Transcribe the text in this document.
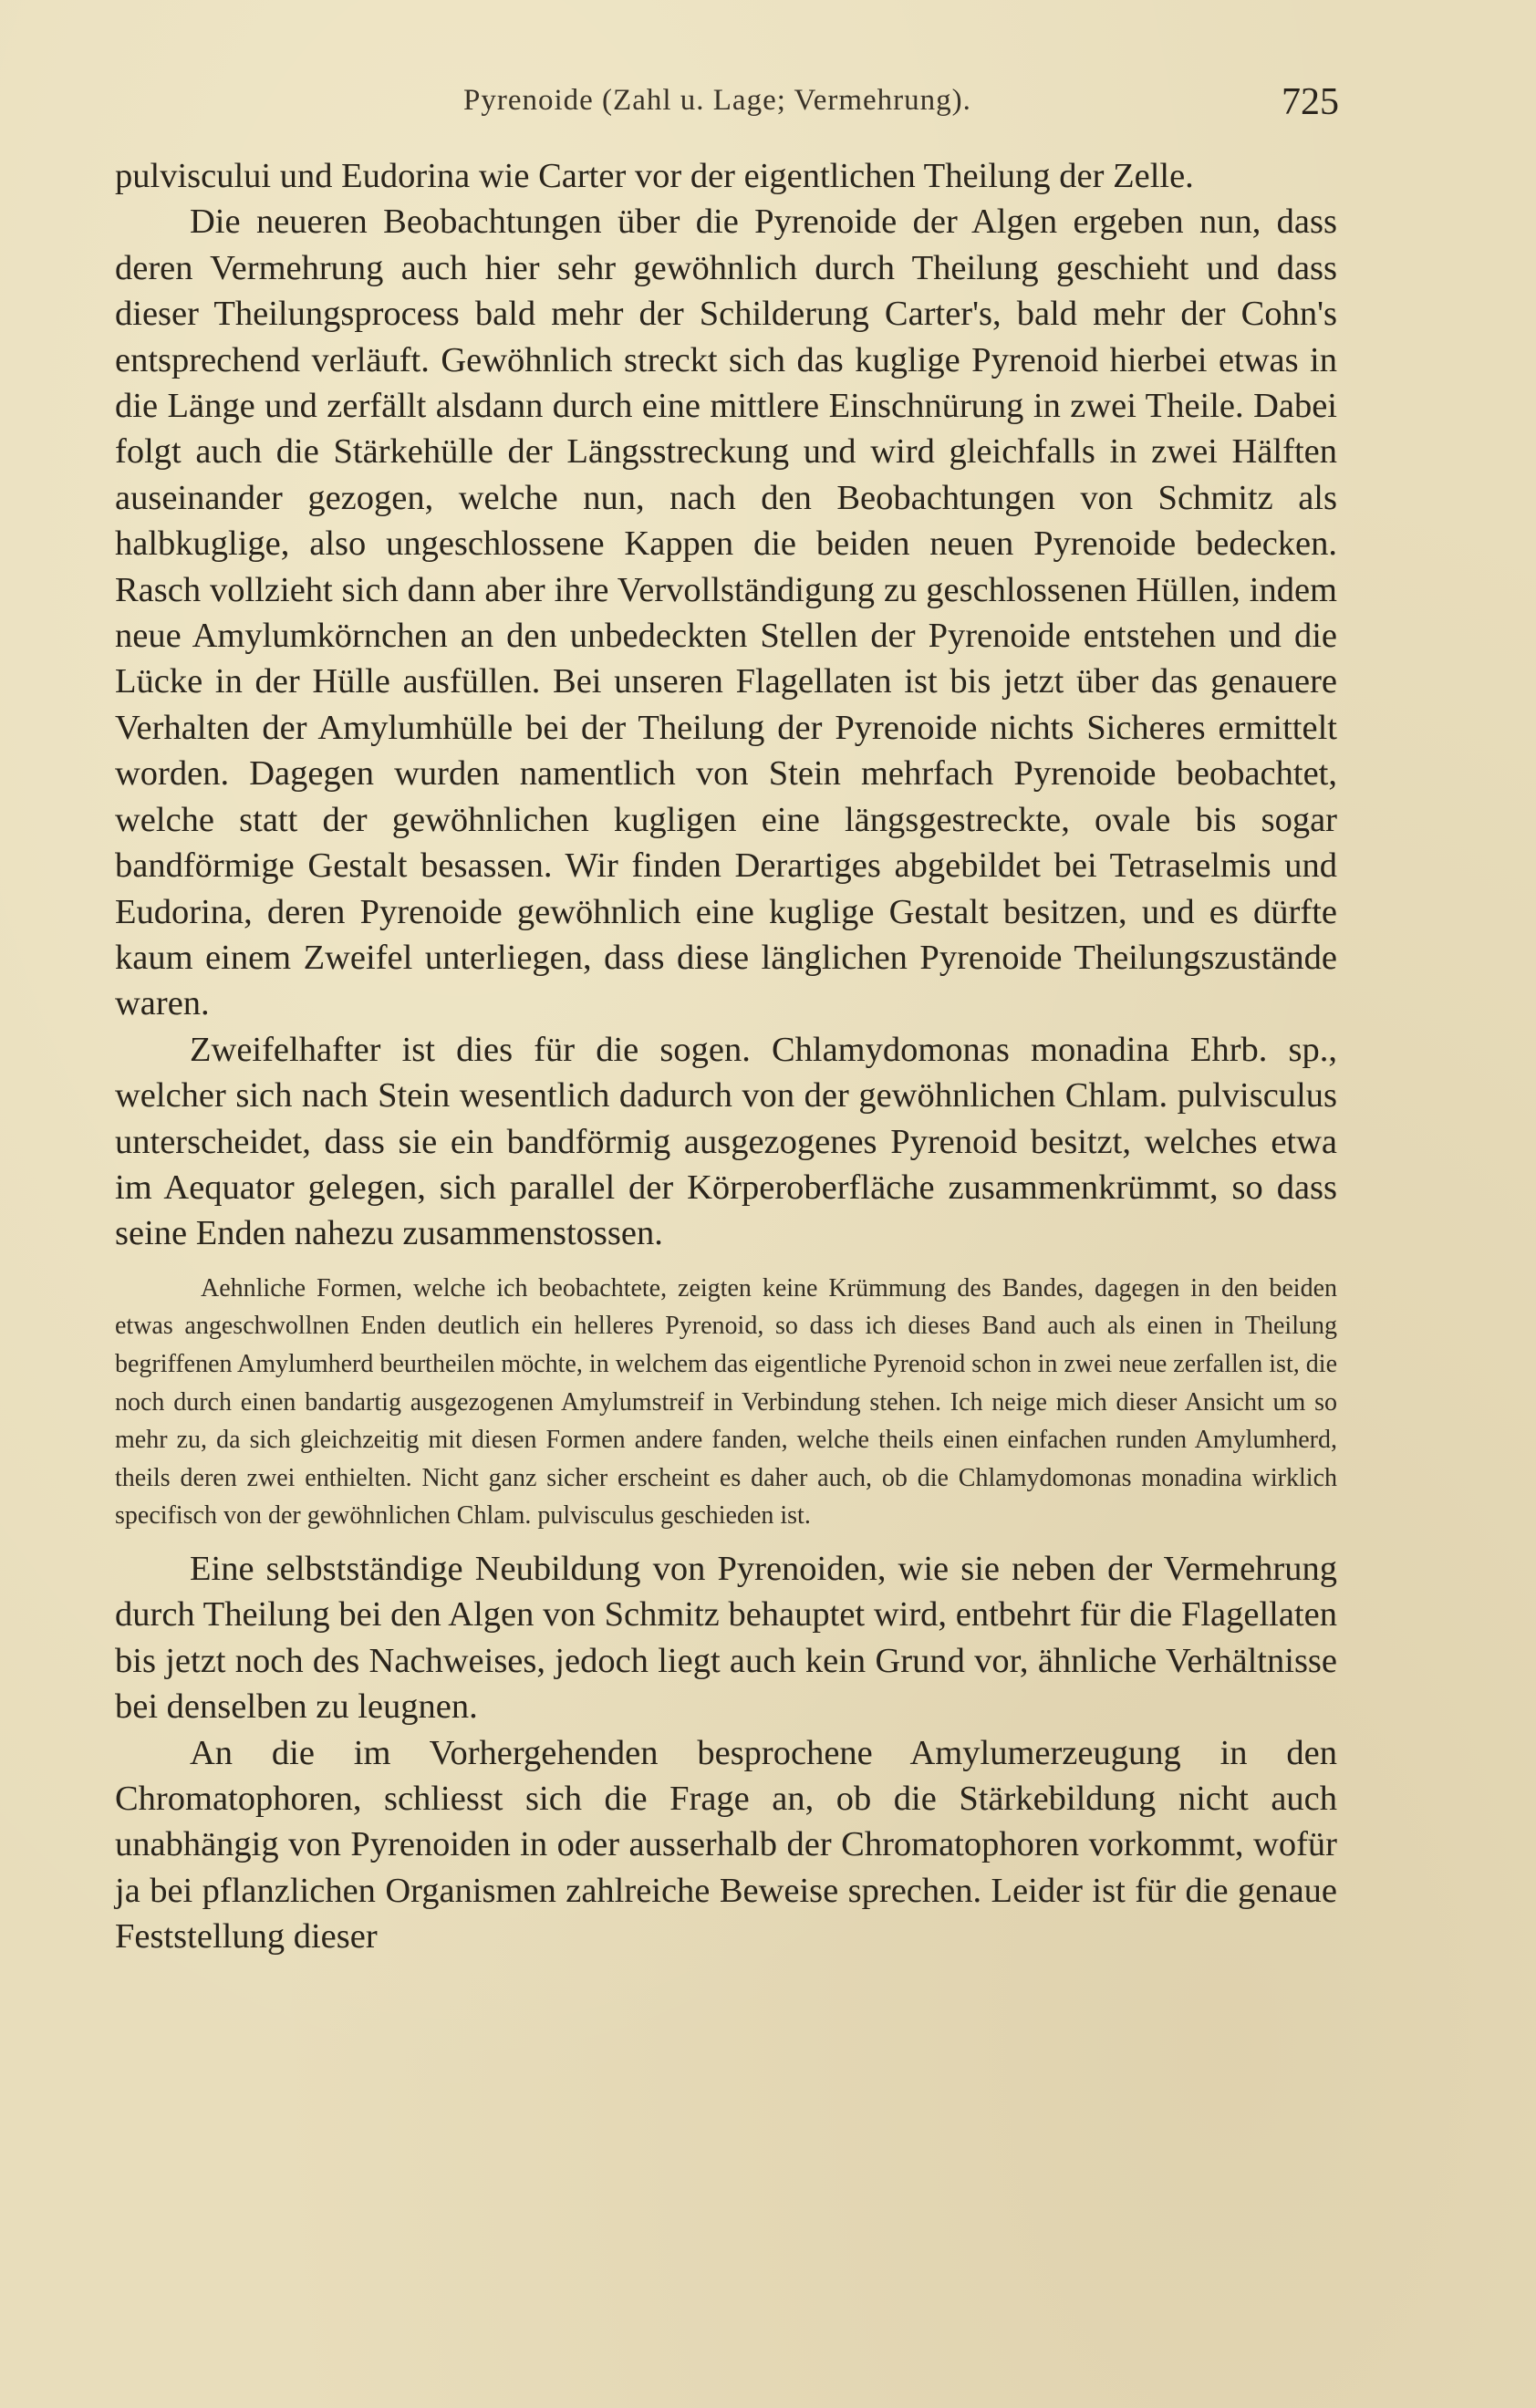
Pyrenoide (Zahl u. Lage; Vermehrung).	725

pulviscului und Eudorina wie Carter vor der eigentlichen Theilung der Zelle.

Die neueren Beobachtungen über die Pyrenoide der Algen ergeben nun, dass deren Vermehrung auch hier sehr gewöhnlich durch Theilung geschieht und dass dieser Theilungsprocess bald mehr der Schilderung Carter's, bald mehr der Cohn's entsprechend verläuft. Gewöhnlich streckt sich das kuglige Pyrenoid hierbei etwas in die Länge und zerfällt alsdann durch eine mittlere Einschnürung in zwei Theile. Dabei folgt auch die Stärkehülle der Längsstreckung und wird gleichfalls in zwei Hälften auseinander gezogen, welche nun, nach den Beobachtungen von Schmitz als halbkuglige, also ungeschlossene Kappen die beiden neuen Pyrenoide bedecken. Rasch vollzieht sich dann aber ihre Vervollständigung zu geschlossenen Hüllen, indem neue Amylumkörnchen an den unbedeckten Stellen der Pyrenoide entstehen und die Lücke in der Hülle ausfüllen. Bei unseren Flagellaten ist bis jetzt über das genauere Verhalten der Amylumhülle bei der Theilung der Pyrenoide nichts Sicheres ermittelt worden. Dagegen wurden namentlich von Stein mehrfach Pyrenoide beobachtet, welche statt der gewöhnlichen kugligen eine längsgestreckte, ovale bis sogar bandförmige Gestalt besassen. Wir finden Derartiges abgebildet bei Tetraselmis und Eudorina, deren Pyrenoide gewöhnlich eine kuglige Gestalt besitzen, und es dürfte kaum einem Zweifel unterliegen, dass diese länglichen Pyrenoide Theilungszustände waren.

Zweifelhafter ist dies für die sogen. Chlamydomonas monadina Ehrb. sp., welcher sich nach Stein wesentlich dadurch von der gewöhnlichen Chlam. pulvisculus unterscheidet, dass sie ein bandförmig ausgezogenes Pyrenoid besitzt, welches etwa im Aequator gelegen, sich parallel der Körperoberfläche zusammenkrümmt, so dass seine Enden nahezu zusammenstossen.

Aehnliche Formen, welche ich beobachtete, zeigten keine Krümmung des Bandes, dagegen in den beiden etwas angeschwollnen Enden deutlich ein helleres Pyrenoid, so dass ich dieses Band auch als einen in Theilung begriffenen Amylumherd beurtheilen möchte, in welchem das eigentliche Pyrenoid schon in zwei neue zerfallen ist, die noch durch einen bandartig ausgezogenen Amylumstreif in Verbindung stehen. Ich neige mich dieser Ansicht um so mehr zu, da sich gleichzeitig mit diesen Formen andere fanden, welche theils einen einfachen runden Amylumherd, theils deren zwei enthielten. Nicht ganz sicher erscheint es daher auch, ob die Chlamydomonas monadina wirklich specifisch von der gewöhnlichen Chlam. pulvisculus geschieden ist.

Eine selbstständige Neubildung von Pyrenoiden, wie sie neben der Vermehrung durch Theilung bei den Algen von Schmitz behauptet wird, entbehrt für die Flagellaten bis jetzt noch des Nachweises, jedoch liegt auch kein Grund vor, ähnliche Verhältnisse bei denselben zu leugnen.

An die im Vorhergehenden besprochene Amylumerzeugung in den Chromatophoren, schliesst sich die Frage an, ob die Stärkebildung nicht auch unabhängig von Pyrenoiden in oder ausserhalb der Chromatophoren vorkommt, wofür ja bei pflanzlichen Organismen zahlreiche Beweise sprechen. Leider ist für die genaue Feststellung dieser
